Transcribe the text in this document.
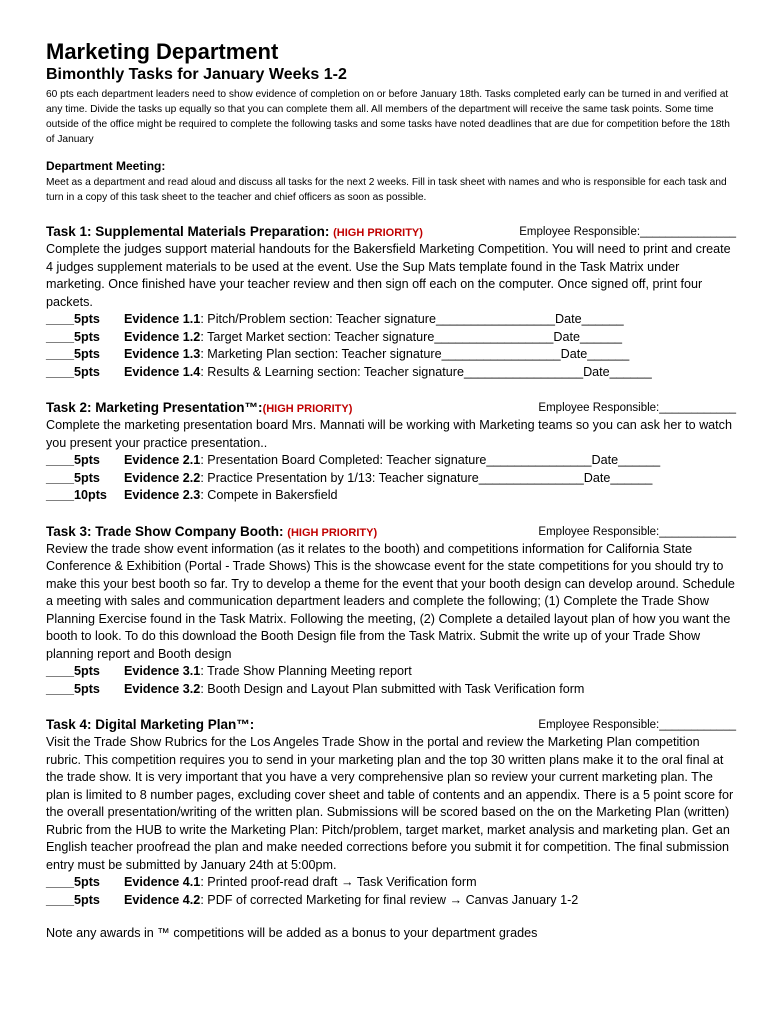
Marketing Department
Bimonthly Tasks for January Weeks 1-2

60 pts each department leaders need to show evidence of completion on or before January 18th. Tasks completed early can be turned in and verified at any time. Divide the tasks up equally so that you can complete them all. All members of the department will receive the same task points. Some time outside of the office might be required to complete the following tasks and some tasks have noted deadlines that are due for competition before the 18th of January

Department Meeting:

Meet as a department and read aloud and discuss all tasks for the next 2 weeks. Fill in task sheet with names and who is responsible for each task and turn in a copy of this task sheet to the teacher and chief officers as soon as possible.

Task 1: Supplemental Materials Preparation: (HIGH PRIORITY)	Employee Responsible:_______________

Complete the judges support material handouts for the Bakersfield Marketing Competition. You will need to print and create 4 judges supplement materials to be used at the event. Use the Sup Mats template found in the Task Matrix under marketing. Once finished have your teacher review and then sign off each on the computer. Once signed off, print four packets.

____5pts Evidence 1.1: Pitch/Problem section: Teacher signature_________________Date______
____5pts Evidence 1.2: Target Market section: Teacher signature_________________Date______
____5pts Evidence 1.3: Marketing Plan section: Teacher signature_________________Date______
____5pts Evidence 1.4: Results & Learning section: Teacher signature_________________Date______
Task 2: Marketing Presentation™:(HIGH PRIORITY)	Employee Responsible:____________

Complete the marketing presentation board Mrs. Mannati will be working with Marketing teams so you can ask her to watch you present your practice presentation..

____5pts Evidence 2.1: Presentation Board Completed: Teacher signature_______________Date______
____5pts Evidence 2.2: Practice Presentation by 1/13: Teacher signature_______________Date______
____10pts Evidence 2.3: Compete in Bakersfield
Task 3: Trade Show Company Booth: (HIGH PRIORITY)	Employee Responsible:____________

Review the trade show event information (as it relates to the booth) and competitions information for California State Conference & Exhibition (Portal - Trade Shows) This is the showcase event for the state competitions for you should try to make this your best booth so far. Try to develop a theme for the event that your booth design can develop around. Schedule a meeting with sales and communication department leaders and complete the following; (1) Complete the Trade Show Planning Exercise found in the Task Matrix. Following the meeting, (2) Complete a detailed layout plan of how you want the booth to look. To do this download the Booth Design file from the Task Matrix. Submit the write up of your Trade Show planning report and Booth design

____5pts Evidence 3.1: Trade Show Planning Meeting report
____5pts Evidence 3.2: Booth Design and Layout Plan submitted with Task Verification form
Task 4: Digital Marketing Plan™:	Employee Responsible:____________

Visit the Trade Show Rubrics for the Los Angeles Trade Show in the portal and review the Marketing Plan competition rubric. This competition requires you to send in your marketing plan and the top 30 written plans make it to the oral final at the trade show. It is very important that you have a very comprehensive plan so review your current marketing plan. The plan is limited to 8 number pages, excluding cover sheet and table of contents and an appendix. There is a 5 point score for the overall presentation/writing of the written plan. Submissions will be scored based on the on the Marketing Plan (written) Rubric from the HUB to write the Marketing Plan: Pitch/problem, target market, market analysis and marketing plan. Get an English teacher proofread the plan and make needed corrections before you submit it for competition. The final submission entry must be submitted by January 24th at 5:00pm.

____5pts Evidence 4.1: Printed proof-read draft → Task Verification form
____5pts Evidence 4.2: PDF of corrected Marketing for final review → Canvas January 1-2
Note any awards in ™ competitions will be added as a bonus to your department grades
